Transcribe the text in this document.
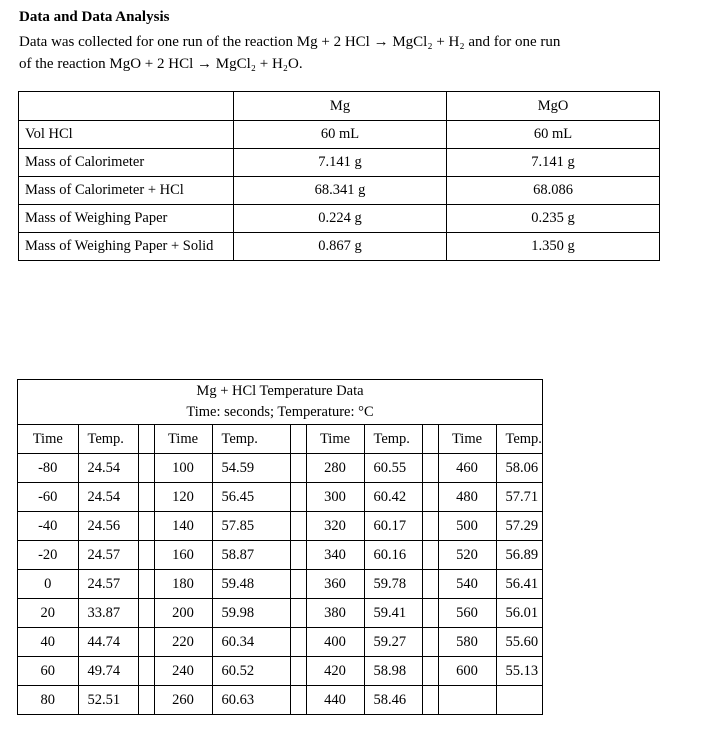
Data and Data Analysis
Data was collected for one run of the reaction Mg + 2 HCl → MgCl₂ + H₂ and for one run
of the reaction MgO + 2 HCl → MgCl₂ + H₂O.
	Mg	MgO
Vol HCl	60 mL	60 mL
Mass of Calorimeter	7.141 g	7.141 g
Mass of Calorimeter + HCl	68.341 g	68.086
Mass of Weighing Paper	0.224 g	0.235 g
Mass of Weighing Paper + Solid	0.867 g	1.350 g
Mg + HCl Temperature Data
Time: seconds; Temperature: °C
Time	Temp.		Time	Temp.		Time	Temp.		Time	Temp.
-80	24.54		100	54.59		280	60.55		460	58.06
-60	24.54		120	56.45		300	60.42		480	57.71
-40	24.56		140	57.85		320	60.17		500	57.29
-20	24.57		160	58.87		340	60.16		520	56.89
0	24.57		180	59.48		360	59.78		540	56.41
20	33.87		200	59.98		380	59.41		560	56.01
40	44.74		220	60.34		400	59.27		580	55.60
60	49.74		240	60.52		420	58.98		600	55.13
80	52.51		260	60.63		440	58.46			
